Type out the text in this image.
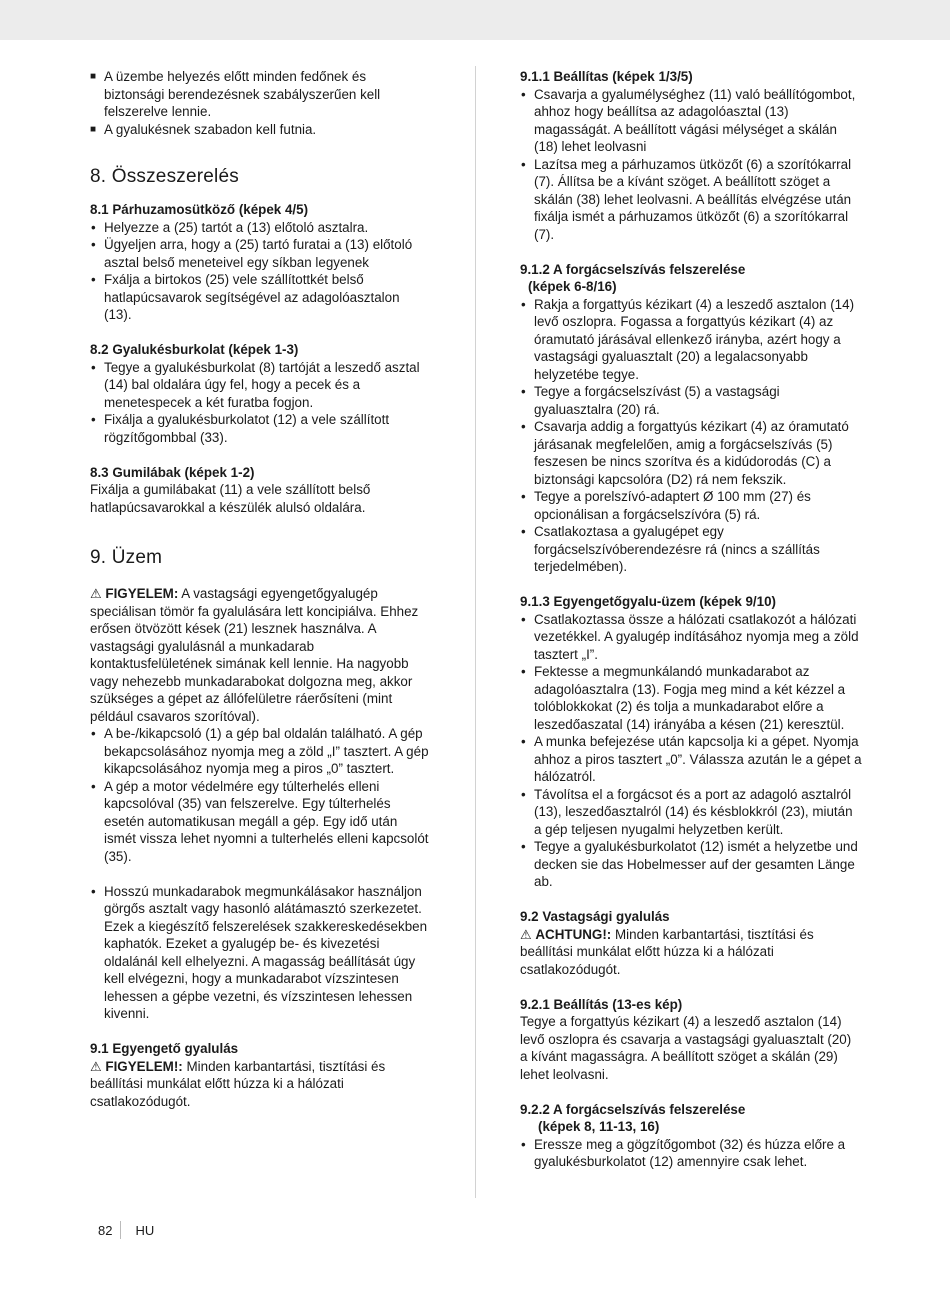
■ A üzembe helyezés előtt minden fedőnek és biztonsági berendezésnek szabályszerűen kell felszerelve lennie.
■ A gyalukésnek szabadon kell futnia.
8. Összeszerelés
8.1 Párhuzamosütköző (képek 4/5)
• Helyezze a (25) tartót a (13) előtoló asztalra.
• Ügyeljen arra, hogy a (25) tartó furatai a (13) előtoló asztal belső meneteivel egy síkban legyenek
• Fxálja a birtokos (25) vele szállítottkét belső hatlapúcsavarok segítségével az adagolóasztalon (13).
8.2 Gyalukésburkolat (képek 1-3)
• Tegye a gyalukésburkolat (8) tartóját a leszedő asztal (14) bal oldalára úgy fel, hogy a pecek és a menetespecek a két furatba fogjon.
• Fixálja a gyalukésburkolatot (12) a vele szállított rögzítőgombbal (33).
8.3 Gumilábak (képek 1-2)

Fixálja a gumilábakat (11) a vele szállított belső hatlapúcsavarokkal a készülék alulsó oldalára.

9. Üzem

⚠ FIGYELEM: A vastagsági egyengetőgyalugép speciálisan tömör fa gyalulására lett koncipiálva. Ehhez erősen ötvözött kések (21) lesznek használva. A vastagsági gyalulásnál a munkadarab kontaktusfelületének simának kell lennie. Ha nagyobb vagy nehezebb munkadarabokat dolgozna meg, akkor szükséges a gépet az állófelületre ráerősíteni (mint például csavaros szorítóval).

• A be-/kikapcsoló (1) a gép bal oldalán található. A gép bekapcsolásához nyomja meg a zöld „I” tasztert. A gép kikapcsolásához nyomja meg a piros „0” tasztert.
• A gép a motor védelmére egy túlterhelés elleni kapcsolóval (35) van felszerelve. Egy túlterhelés esetén automatikusan megáll a gép. Egy idő után ismét vissza lehet nyomni a tulterhelés elleni kapcsolót (35).
• Hosszú munkadarabok megmunkálásakor használjon görgős asztalt vagy hasonló alátámasztó szerkezetet. Ezek a kiegészítő felszerelések szakkereskedésekben kaphatók. Ezeket a gyalugép be- és kivezetési oldalánál kell elhelyezni. A magasság beállítását úgy kell elvégezni, hogy a munkadarabot vízszintesen lehessen a gépbe vezetni, és vízszintesen lehessen kivenni.
9.1 Egyengető gyalulás

⚠ FIGYELEM!: Minden karbantartási, tisztítási és beállítási munkálat előtt húzza ki a hálózati csatlakozódugót.

9.1.1 Beállítas (képek 1/3/5)
• Csavarja a gyalumélységhez (11) való beállítógombot, ahhoz hogy beállítsa az adagolóasztal (13) magasságát. A beállított vágási mélységet a skálán (18) lehet leolvasni
• Lazítsa meg a párhuzamos ütközőt (6) a szorítókarral (7). Állítsa be a kívánt szöget. A beállított szöget a skálán (38) lehet leolvasni. A beállítás elvégzése után fixálja ismét a párhuzamos ütközőt (6) a szorítókarral (7).
9.1.2 A forgácselszívás felszerelése
(képek 6-8/16)
• Rakja a forgattyús kézikart (4) a leszedő asztalon (14) levő oszlopra. Fogassa a forgattyús kézikart (4) az óramutató járásával ellenkező irányba, azért hogy a vastagsági gyaluasztalt (20) a legalacsonyabb helyzetébe tegye.
• Tegye a forgácselszívást (5) a vastagsági gyaluasztalra (20) rá.
• Csavarja addig a forgattyús kézikart (4) az óramutató járásanak megfelelően, amig a forgácselszívás (5) feszesen be nincs szorítva és a kidúdorodás (C) a biztonsági kapcsolóra (D2) rá nem fekszik.
• Tegye a porelszívó-adaptert Ø 100 mm (27) és opcionálisan a forgácselszívóra (5) rá.
• Csatlakoztasa a gyalugépet egy forgácselszívóberendezésre rá (nincs a szállítás terjedelmében).
9.1.3 Egyengetőgyalu-üzem (képek 9/10)
• Csatlakoztassa össze a hálózati csatlakozót a hálózati vezetékkel. A gyalugép indításához nyomja meg a zöld tasztert „I”.
• Fektesse a megmunkálandó munkadarabot az adagolóasztalra (13). Fogja meg mind a két kézzel a tolóblokkokat (2) és tolja a munkadarabot előre a leszedőaszatal (14) irányába a késen (21) keresztül.
• A munka befejezése után kapcsolja ki a gépet. Nyomja ahhoz a piros tasztert „0”. Válassza azután le a gépet a hálózatról.
• Távolítsa el a forgácsot és a port az adagoló asztalról (13), leszedőasztalról (14) és késblokkról (23), miután a gép teljesen nyugalmi helyzetben került.
• Tegye a gyalukésburkolatot (12) ismét a helyzetbe und decken sie das Hobelmesser auf der gesamten Länge ab.
9.2 Vastagsági gyalulás

⚠ ACHTUNG!: Minden karbantartási, tisztítási és beállítási munkálat előtt húzza ki a hálózati csatlakozódugót.

9.2.1 Beállítás (13-es kép)

Tegye a forgattyús kézikart (4) a leszedő asztalon (14) levő oszlopra és csavarja a vastagsági gyaluasztalt (20) a kívánt magasságra. A beállított szöget a skálán (29) lehet leolvasni.

9.2.2 A forgácselszívás felszerelése
(képek 8, 11-13, 16)
• Eressze meg a gögzítőgombot (32) és húzza előre a gyalukésburkolatot (12) amennyire csak lehet.
82 HU
